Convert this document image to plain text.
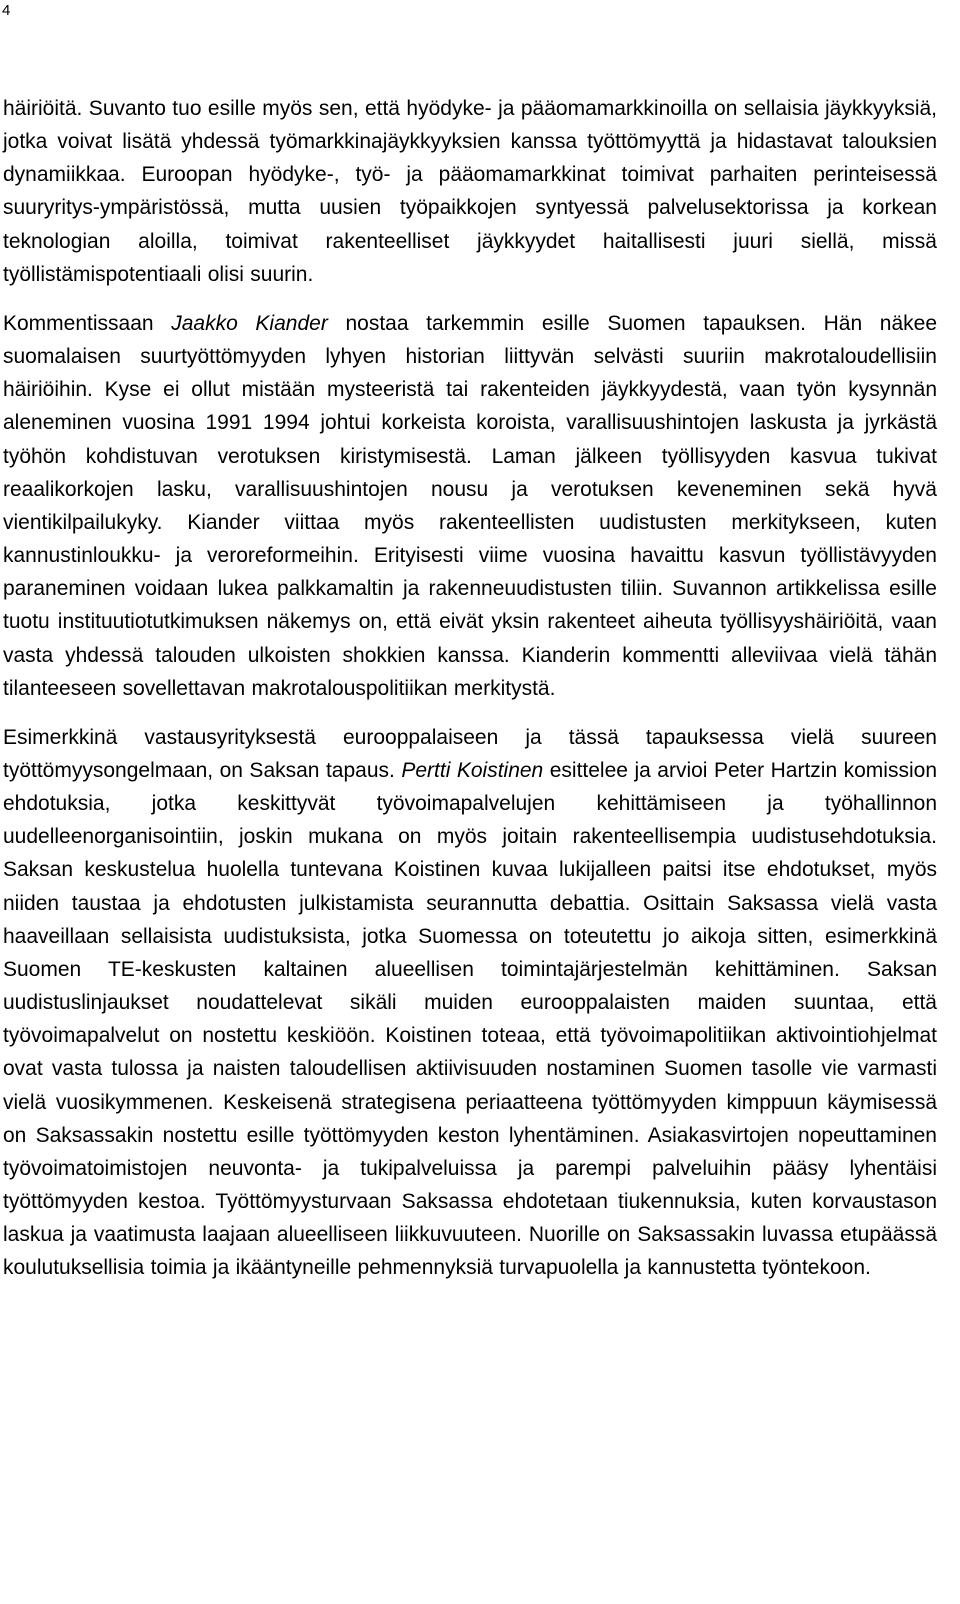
4

häiriöitä. Suvanto tuo esille myös sen, että hyödyke- ja pääomamarkkinoilla on sellaisia jäykkyyksiä, jotka voivat lisätä yhdessä työmarkkinajäykkyyksien kanssa työttömyyttä ja hidastavat talouksien dynamiikkaa. Euroopan hyödyke-, työ- ja pääomamarkkinat toimivat parhaiten perinteisessä suuryritys-ympäristössä, mutta uusien työpaikkojen syntyessä palvelusektorissa ja korkean teknologian aloilla, toimivat rakenteelliset jäykkyydet haitallisesti juuri siellä, missä työllistämispotentiaali olisi suurin.

Kommentissaan Jaakko Kiander nostaa tarkemmin esille Suomen tapauksen. Hän näkee suomalaisen suurtyöttömyyden lyhyen historian liittyvän selvästi suuriin makrotaloudellisiin häiriöihin. Kyse ei ollut mistään mysteeristä tai rakenteiden jäykkyydestä, vaan työn kysynnän aleneminen vuosina 1991 1994 johtui korkeista koroista, varallisuushintojen laskusta ja jyrkästä työhön kohdistuvan verotuksen kiristymisestä. Laman jälkeen työllisyyden kasvua tukivat reaalikorkojen lasku, varallisuushintojen nousu ja verotuksen keveneminen sekä hyvä vientikilpailukyky. Kiander viittaa myös rakenteellisten uudistusten merkitykseen, kuten kannustinloukku- ja veroreformeihin. Erityisesti viime vuosina havaittu kasvun työllistävyyden paraneminen voidaan lukea palkkamaltin ja rakenneuudistusten tiliin. Suvannon artikkelissa esille tuotu instituutiotutkimuksen näkemys on, että eivät yksin rakenteet aiheuta työllisyyshäiriöitä, vaan vasta yhdessä talouden ulkoisten shokkien kanssa. Kianderin kommentti alleviivaa vielä tähän tilanteeseen sovellettavan makrotalouspolitiikan merkitystä.

Esimerkkinä vastausyrityksestä eurooppalaiseen ja tässä tapauksessa vielä suureen työttömyysongelmaan, on Saksan tapaus. Pertti Koistinen esittelee ja arvioi Peter Hartzin komission ehdotuksia, jotka keskittyvät työvoimapalvelujen kehittämiseen ja työhallinnon uudelleenorganisointiin, joskin mukana on myös joitain rakenteellisempia uudistusehdotuksia. Saksan keskustelua huolella tuntevana Koistinen kuvaa lukijalleen paitsi itse ehdotukset, myös niiden taustaa ja ehdotusten julkistamista seurannutta debattia. Osittain Saksassa vielä vasta haaveillaan sellaisista uudistuksista, jotka Suomessa on toteutettu jo aikoja sitten, esimerkkinä Suomen TE-keskusten kaltainen alueellisen toimintajärjestelmän kehittäminen. Saksan uudistuslinjaukset noudattelevat sikäli muiden eurooppalaisten maiden suuntaa, että työvoimapalvelut on nostettu keskiöön. Koistinen toteaa, että työvoimapolitiikan aktivointiohjelmat ovat vasta tulossa ja naisten taloudellisen aktiivisuuden nostaminen Suomen tasolle vie varmasti vielä vuosikymmenen. Keskeisenä strategisena periaatteena työttömyyden kimppuun käymisessä on Saksassakin nostettu esille työttömyyden keston lyhentäminen. Asiakasvirtojen nopeuttaminen työvoimatoimistojen neuvonta- ja tukipalveluissa ja parempi palveluihin pääsy lyhentäisi työttömyyden kestoa. Työttömyysturvaan Saksassa ehdotetaan tiukennuksia, kuten korvaustason laskua ja vaatimusta laajaan alueelliseen liikkuvuuteen. Nuorille on Saksassakin luvassa etupäässä koulutuksellisia toimia ja ikääntyneille pehmennyksiä turvapuolella ja kannustetta työntekoon.
